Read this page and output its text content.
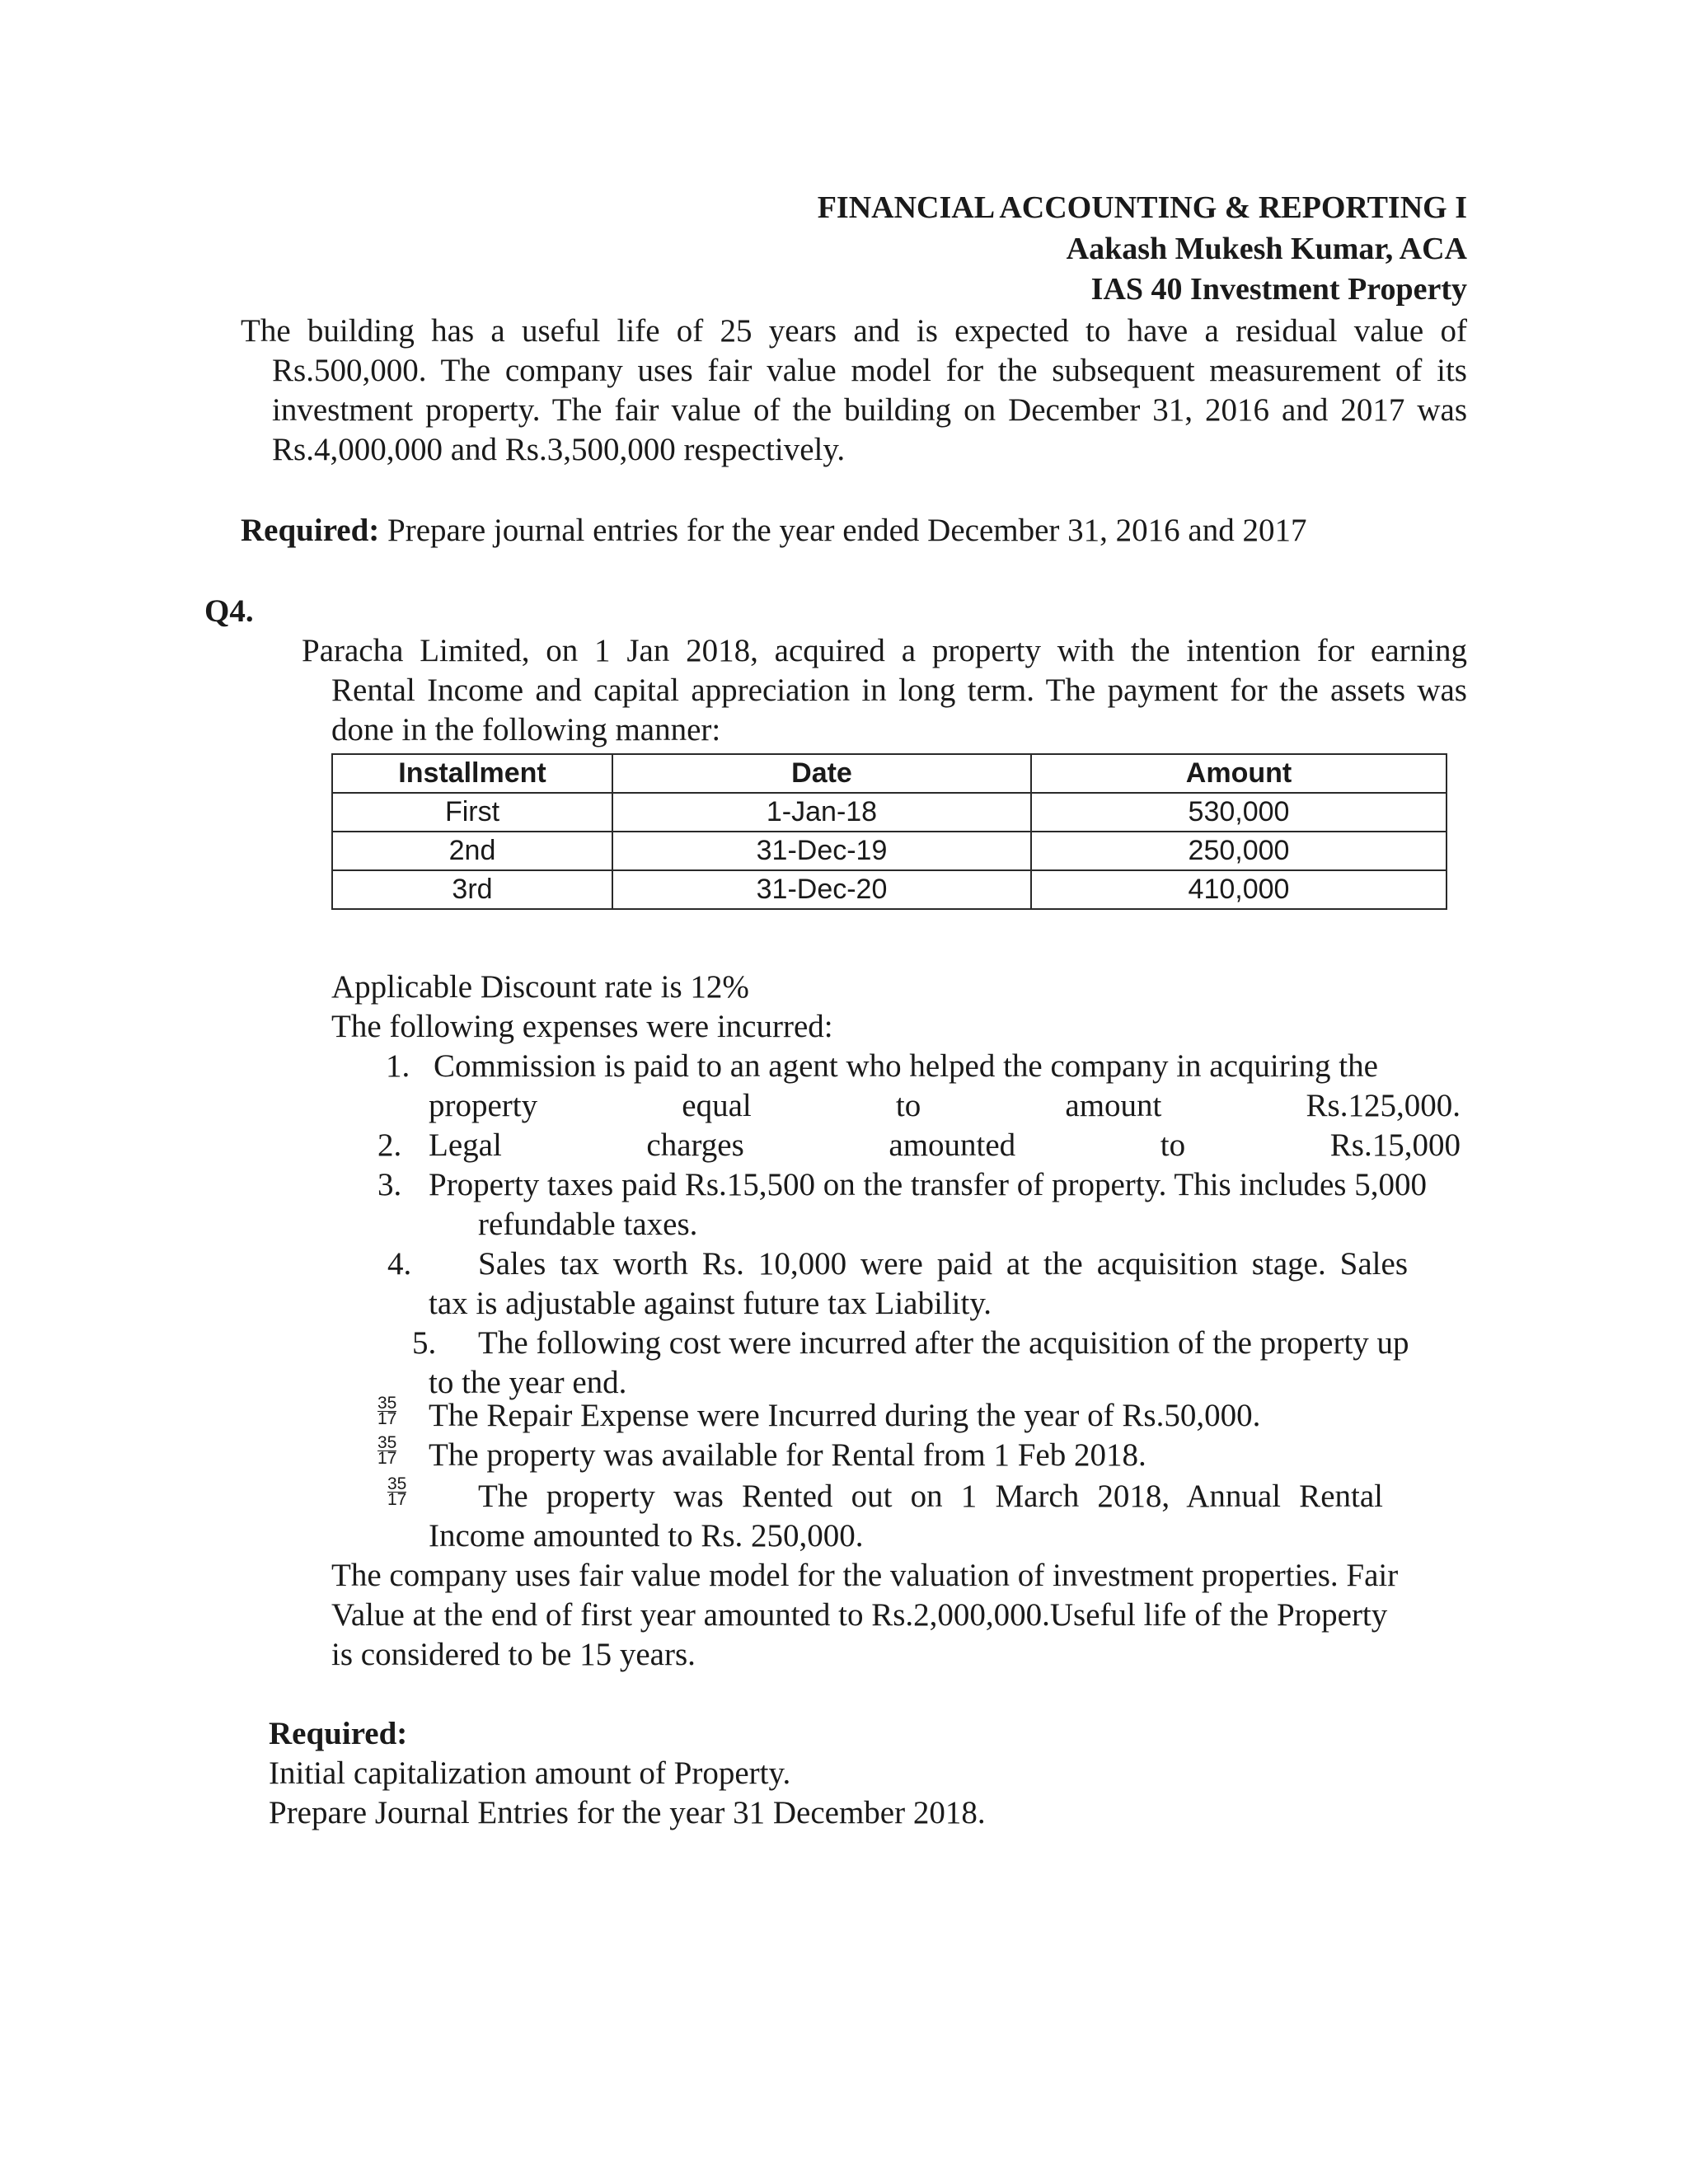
FINANCIAL ACCOUNTING & REPORTING I
Aakash Mukesh Kumar, ACA
IAS 40 Investment Property
The building has a useful life of 25 years and is expected to have a residual value of
Rs.500,000. The company uses fair value model for the subsequent measurement of its
investment property. The fair value of the building on December 31, 2016 and 2017 was
Rs.4,000,000 and Rs.3,500,000 respectively.
Required: Prepare journal entries for the year ended December 31, 2016 and 2017
Q4.
Paracha Limited, on 1 Jan 2018, acquired a property with the intention for earning
Rental Income and capital appreciation in long term. The payment for the assets was
done in the following manner:
Installment	Date	Amount
First	1-Jan-18	530,000
2nd	31-Dec-19	250,000
3rd	31-Dec-20	410,000
Applicable Discount rate is 12%
The following expenses were incurred:
1. Commission is paid to an agent who helped the company in acquiring the
property	equal	to	amount	Rs.125,000.
2. Legal	charges	amounted	to	Rs.15,000
3. Property taxes paid Rs.15,500 on the transfer of property. This includes 5,000
refundable taxes.
4. Sales tax worth Rs. 10,000 were paid at the acquisition stage. Sales
tax is adjustable against future tax Liability.
5. The following cost were incurred after the acquisition of the property up
to the year end.
35
17 The Repair Expense were Incurred during the year of Rs.50,000.
35
17 The property was available for Rental from 1 Feb 2018.
35
17 The property was Rented out on 1 March 2018, Annual Rental
Income amounted to Rs. 250,000.
The company uses fair value model for the valuation of investment properties. Fair
Value at the end of first year amounted to Rs.2,000,000.Useful life of the Property
is considered to be 15 years.
Required:
Initial capitalization amount of Property.
Prepare Journal Entries for the year 31 December 2018.
